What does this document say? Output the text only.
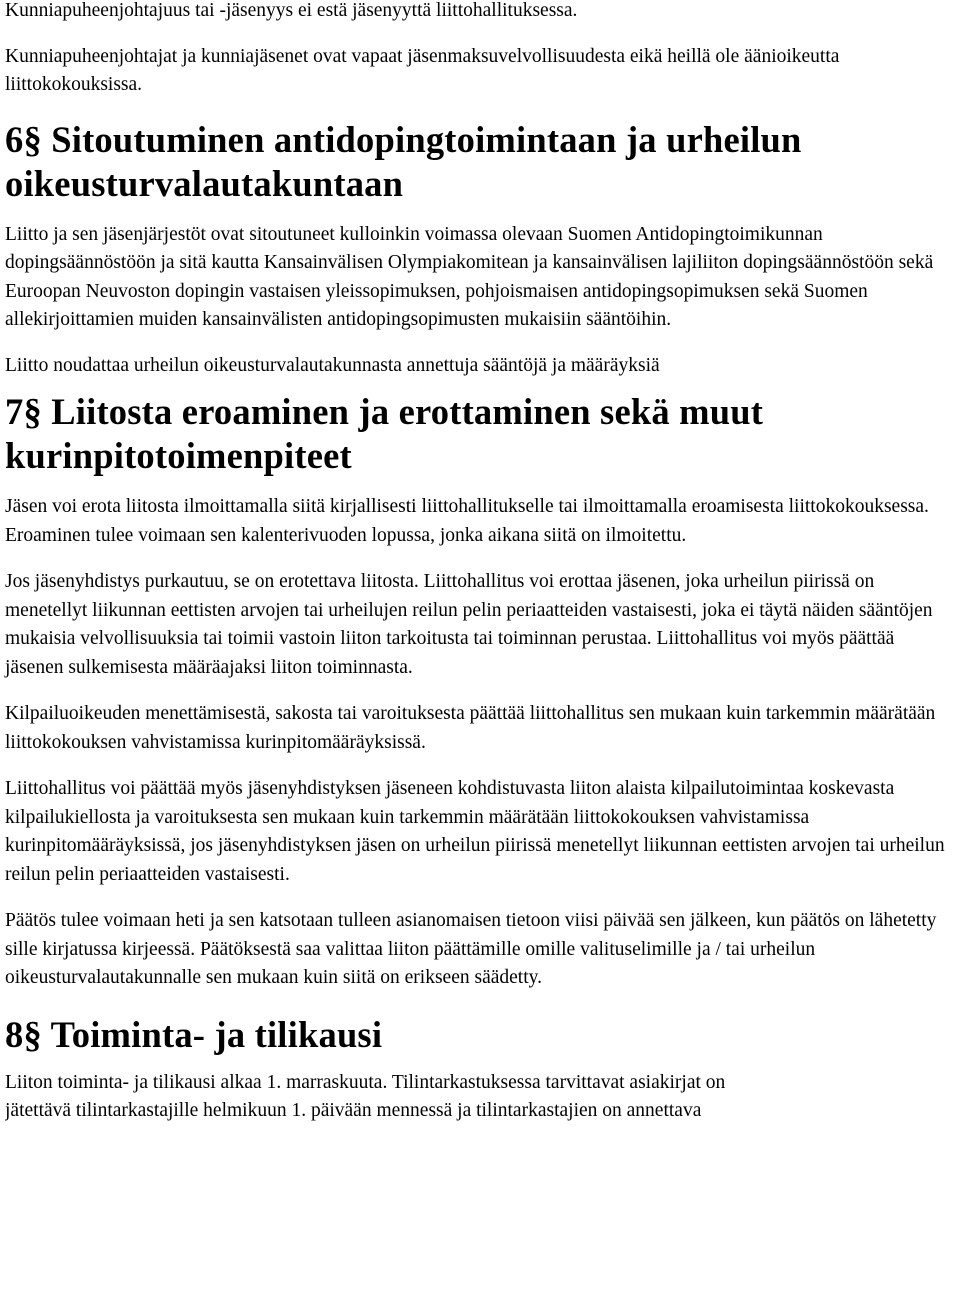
Kunniapuheenjohtajuus tai -jäsenyys ei estä jäsenyyttä liittohallituksessa.

Kunniapuheenjohtajat ja kunniajäsenet ovat vapaat jäsenmaksuvelvollisuudesta eikä heillä ole äänioikeutta liittokokouksissa.

6§ Sitoutuminen antidopingtoimintaan ja urheilun oikeusturvalautakuntaan

Liitto ja sen jäsenjärjestöt ovat sitoutuneet kulloinkin voimassa olevaan Suomen Antidopingtoimikunnan dopingsäännöstöön ja sitä kautta Kansainvälisen Olympiakomitean ja kansainvälisen lajiliiton dopingsäännöstöön sekä Euroopan Neuvoston dopingin vastaisen yleissopimuksen, pohjoismaisen antidopingsopimuksen sekä Suomen allekirjoittamien muiden kansainvälisten antidopingsopimusten mukaisiin sääntöihin.

Liitto noudattaa urheilun oikeusturvalautakunnasta annettuja sääntöjä ja määräyksiä

7§ Liitosta eroaminen ja erottaminen sekä muut kurinpitotoimenpiteet

Jäsen voi erota liitosta ilmoittamalla siitä kirjallisesti liittohallitukselle tai ilmoittamalla eroamisesta liittokokouksessa. Eroaminen tulee voimaan sen kalenterivuoden lopussa, jonka aikana siitä on ilmoitettu.

Jos jäsenyhdistys purkautuu, se on erotettava liitosta. Liittohallitus voi erottaa jäsenen, joka urheilun piirissä on menetellyt liikunnan eettisten arvojen tai urheilujen reilun pelin periaatteiden vastaisesti, joka ei täytä näiden sääntöjen mukaisia velvollisuuksia tai toimii vastoin liiton tarkoitusta tai toiminnan perustaa. Liittohallitus voi myös päättää jäsenen sulkemisesta määräajaksi liiton toiminnasta.

Kilpailuoikeuden menettämisestä, sakosta tai varoituksesta päättää liittohallitus sen mukaan kuin tarkemmin määrätään liittokokouksen vahvistamissa kurinpitomääräyksissä.

Liittohallitus voi päättää myös jäsenyhdistyksen jäseneen kohdistuvasta liiton alaista kilpailutoimintaa koskevasta kilpailukiellosta ja varoituksesta sen mukaan kuin tarkemmin määrätään liittokokouksen vahvistamissa kurinpitomääräyksissä, jos jäsenyhdistyksen jäsen on urheilun piirissä menetellyt liikunnan eettisten arvojen tai urheilun reilun pelin periaatteiden vastaisesti.

Päätös tulee voimaan heti ja sen katsotaan tulleen asianomaisen tietoon viisi päivää sen jälkeen, kun päätös on lähetetty sille kirjatussa kirjeessä. Päätöksestä saa valittaa liiton päättämille omille valituselimille ja / tai urheilun oikeusturvalautakunnalle sen mukaan kuin siitä on erikseen säädetty.

8§ Toiminta- ja tilikausi

Liiton toiminta- ja tilikausi alkaa 1. marraskuuta. Tilintarkastuksessa tarvittavat asiakirjat on

jätettävä tilintarkastajille helmikuun 1. päivään mennessä ja tilintarkastajien on annettava
